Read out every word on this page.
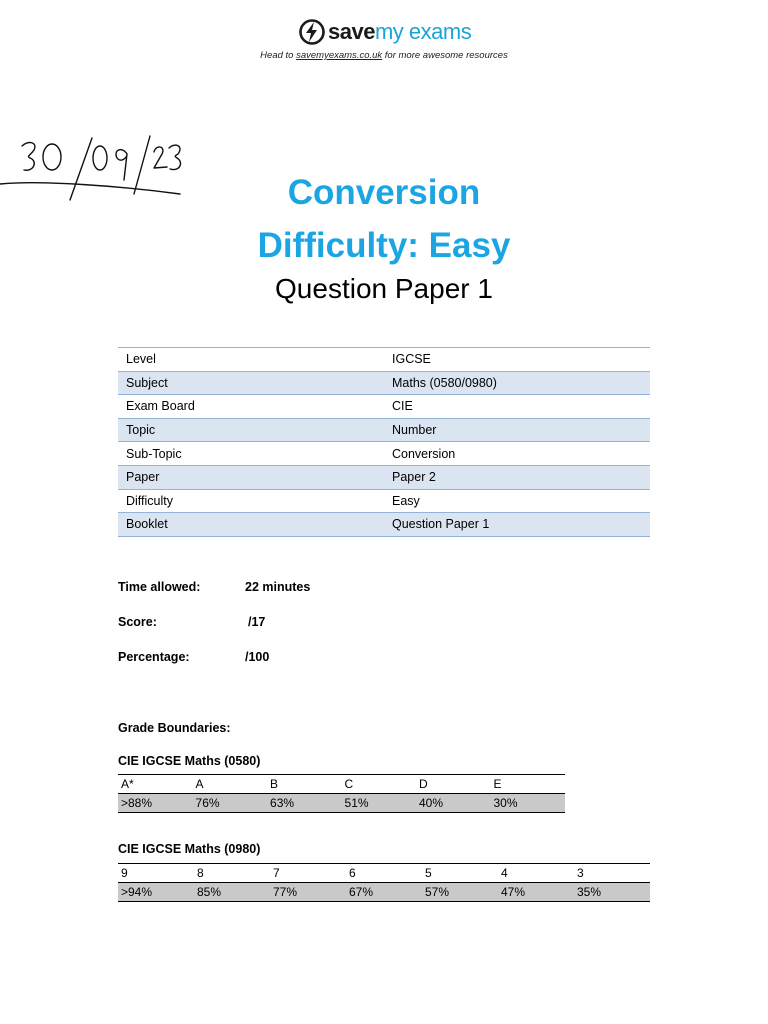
savemy exams
Head to savemyexams.co.uk for more awesome resources
Conversion
Difficulty: Easy
Question Paper 1
Level	IGCSE
Subject	Maths (0580/0980)
Exam Board	CIE
Topic	Number
Sub-Topic	Conversion
Paper	Paper 2
Difficulty	Easy
Booklet	Question Paper 1
Time allowed:	22 minutes
Score:	/17
Percentage:	/100
Grade Boundaries:
CIE IGCSE Maths (0580)
A*	A	B	C	D	E
>88%	76%	63%	51%	40%	30%
CIE IGCSE Maths (0980)
9	8	7	6	5	4	3
>94%	85%	77%	67%	57%	47%	35%
